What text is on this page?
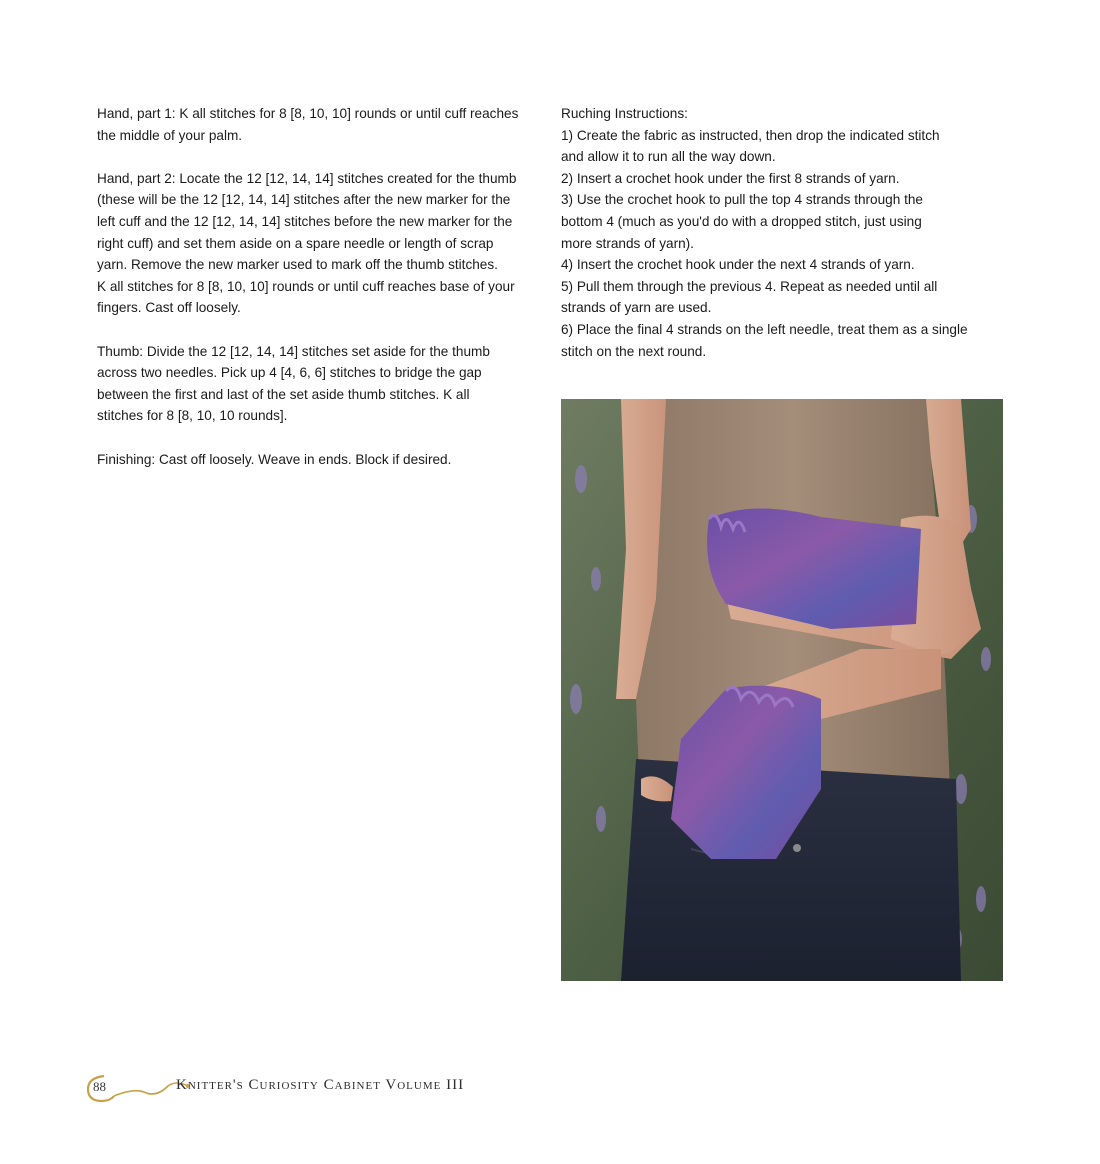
Hand, part 1: K all stitches for 8 [8, 10, 10] rounds or until cuff reaches

the middle of your palm.

Hand, part 2: Locate the 12 [12, 14, 14] stitches created for the thumb

(these will be the 12 [12, 14, 14] stitches after the new marker for the

left cuff and the 12 [12, 14, 14] stitches before the new marker for the

right cuff) and set them aside on a spare needle or length of scrap

yarn. Remove the new marker used to mark off the thumb stitches.

K all stitches for 8 [8, 10, 10] rounds or until cuff reaches base of your

fingers. Cast off loosely.

Thumb: Divide the 12 [12, 14, 14] stitches set aside for the thumb

across two needles. Pick up 4 [4, 6, 6] stitches to bridge the gap

between the first and last of the set aside thumb stitches. K all

stitches for 8 [8, 10, 10 rounds].

Finishing: Cast off loosely. Weave in ends. Block if desired.

Ruching Instructions:

1) Create the fabric as instructed, then drop the indicated stitch

and allow it to run all the way down.

2) Insert a crochet hook under the first 8 strands of yarn.

3) Use the crochet hook to pull the top 4 strands through the

bottom 4 (much as you'd do with a dropped stitch, just using

more strands of yarn).

4) Insert the crochet hook under the next 4 strands of yarn.

5) Pull them through the previous 4. Repeat as needed until all

strands of yarn are used.

6) Place the final 4 strands on the left needle, treat them as a single

stitch on the next round.

88	Knitter's Curiosity Cabinet Volume III
